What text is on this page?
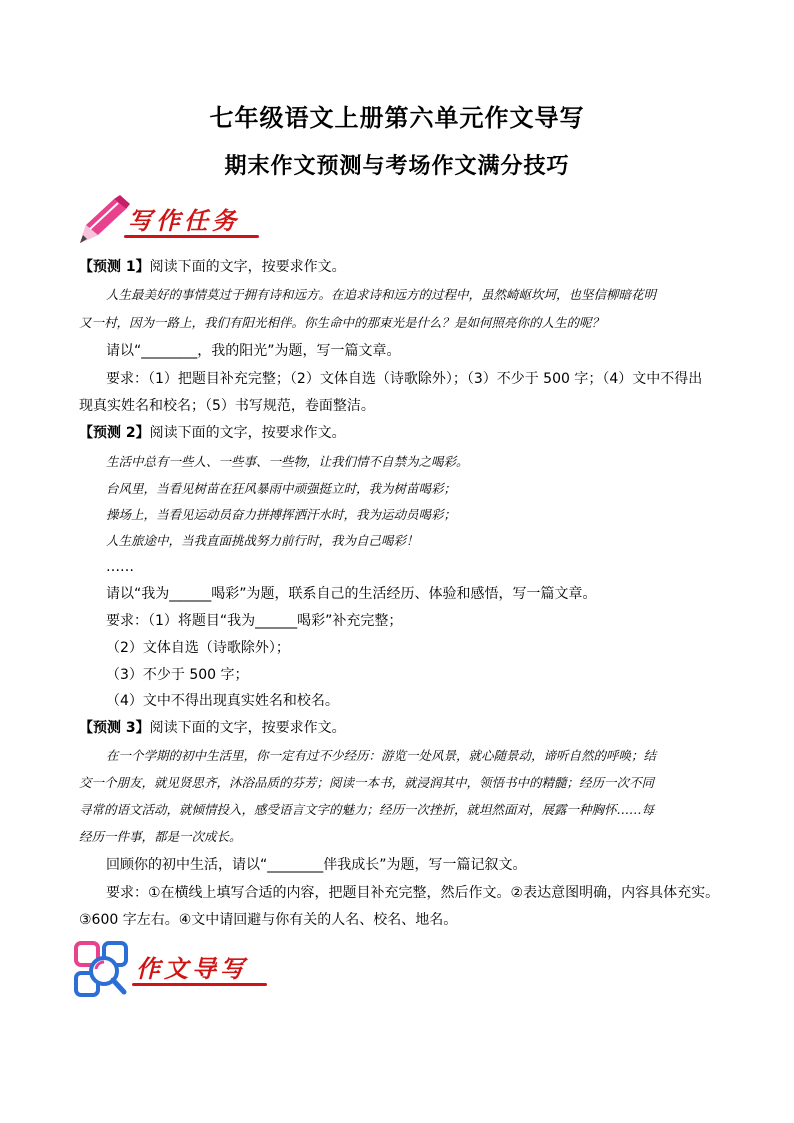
七年级语文上册第六单元作文导写
期末作文预测与考场作文满分技巧
写作任务
【预测 1】阅读下面的文字，按要求作文。
人生最美好的事情莫过于拥有诗和远方。在追求诗和远方的过程中，虽然崎岖坎坷，也坚信柳暗花明
又一村，因为一路上，我们有阳光相伴。你生命中的那束光是什么？是如何照亮你的人生的呢？
请以“________，我的阳光”为题，写一篇文章。
要求：（1）把题目补充完整；（2）文体自选（诗歌除外）；（3）不少于 500 字；（4）文中不得出
现真实姓名和校名；（5）书写规范，卷面整洁。
【预测 2】阅读下面的文字，按要求作文。
生活中总有一些人、一些事、一些物，让我们情不自禁为之喝彩。
台风里，当看见树苗在狂风暴雨中顽强挺立时，我为树苗喝彩；
操场上，当看见运动员奋力拼搏挥洒汗水时，我为运动员喝彩；
人生旅途中，当我直面挑战努力前行时，我为自己喝彩！
……
请以“我为______喝彩”为题，联系自己的生活经历、体验和感悟，写一篇文章。
要求：（1）将题目“我为______喝彩”补充完整；
（2）文体自选（诗歌除外）；
（3）不少于 500 字；
（4）文中不得出现真实姓名和校名。
【预测 3】阅读下面的文字，按要求作文。
在一个学期的初中生活里，你一定有过不少经历：游览一处风景，就心随景动，谛听自然的呼唤；结
交一个朋友，就见贤思齐，沐浴品质的芬芳；阅读一本书，就浸润其中，领悟书中的精髓；经历一次不同
寻常的语文活动，就倾情投入，感受语言文字的魅力；经历一次挫折，就坦然面对，展露一种胸怀……每
经历一件事，都是一次成长。
回顾你的初中生活，请以“________伴我成长”为题，写一篇记叙文。
要求：①在横线上填写合适的内容，把题目补充完整，然后作文。②表达意图明确，内容具体充实。
③600 字左右。④文中请回避与你有关的人名、校名、地名。
作文导写
